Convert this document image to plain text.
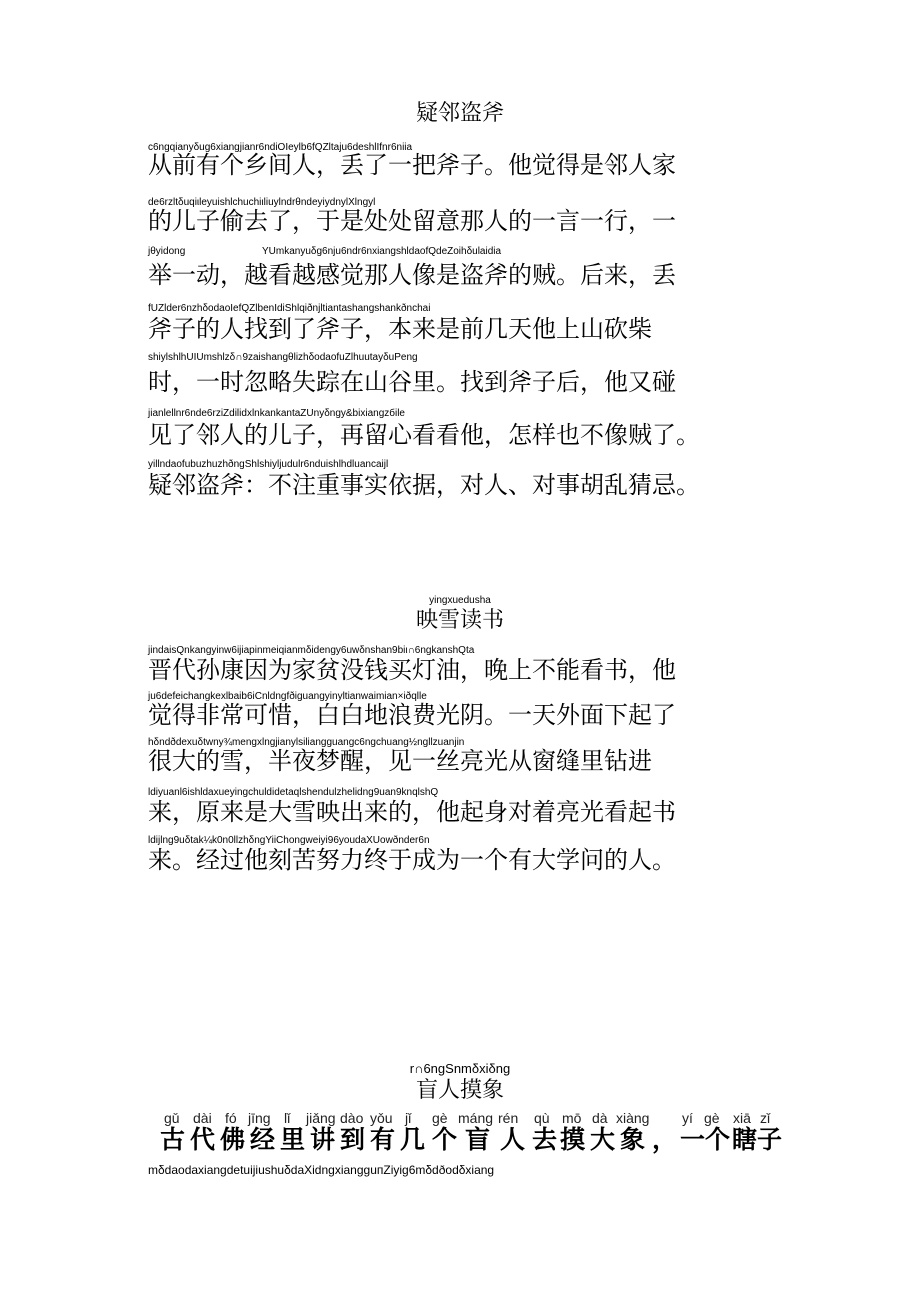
疑邻盗斧
c6ngqianyδug6xiangjianr6ndiOIeylb6fQZltaju6deshlIfnr6niia
从前有个乡间人，丢了一把斧子。他觉得是邻人家
de6rzltδuqiιleyuishlchuchiιliuylndrθndeyiydnylXlngyl
的儿子偷去了，于是处处留意那人的一言一行，一
jθyidong	YUmkanyuδg6nju6ndr6nxiangshldaofQdeZoihδulaidia
举一动，越看越感觉那人像是盗斧的贼。后来，丢
fUZlder6nzhδodaoIefQZlbenIdiShlqiðnjltiantashangshankðnchai
斧子的人找到了斧子，本来是前几天他上山砍柴
shiylshlhUIUmshlzδ∩9zaishangθlizhδodaofuZlhuutayδuPeng
时，一时忽略失踪在山谷里。找到斧子后，他又碰
jianlellnr6nde6rziZdilidxlnkankantaZUnyδngy&bixiangzбile
见了邻人的儿子，再留心看看他，怎样也不像贼了。
yillndaofubuzhuzhðngShlshiyljudulr6nduishlhdluancaijl
疑邻盗斧：不注重事实依据，对人、对事胡乱猜忌。
yingxuedusha
映雪读书
jindaisQnkangyinw6ijiapinmeiqianmδidengy6uwδnshan9biι∩6ngkanshQta
晋代孙康因为家贫没钱买灯油，晚上不能看书，他
ju6defeichangkexlbaib6iCnldngfðiguangyinyltianwaimian×iðqlle
觉得非常可惜，白白地浪费光阴。一天外面下起了
hδndðdexuδtwny¾mengxlngjianylsiliangguangc6ngchuang½ngllzuanjin
很大的雪，半夜梦醒，见一丝亮光从窗缝里钻进
ldiyuanl6ishldaxueyingchuldidetaqlshendulzhelidng9uan9knqlshQ
来，原来是大雪映出来的，他起身对着亮光看起书
ldijlng9uδtak¼k0n0llzhδngYiiChongweiyi96youdaXUowðnder6n
来。经过他刻苦努力终于成为一个有大学问的人。
r∩6ngSnmδxiδng
盲人摸象
gǔ
古
dài
代
fó
佛
jīng
经
lǐ
里
jiǎng
讲
dào
到
yǒu
有
jǐ
几
gè
个
máng
盲
rén
人
qù
去
mō
摸
dà
大
xiàng
象 ，
yí
一
gè
个
xiā
瞎
zǐ
子
mδdaodaxiangdetuijiushuδdaXidngxiangguпZiyig6mδdðodδxiang
